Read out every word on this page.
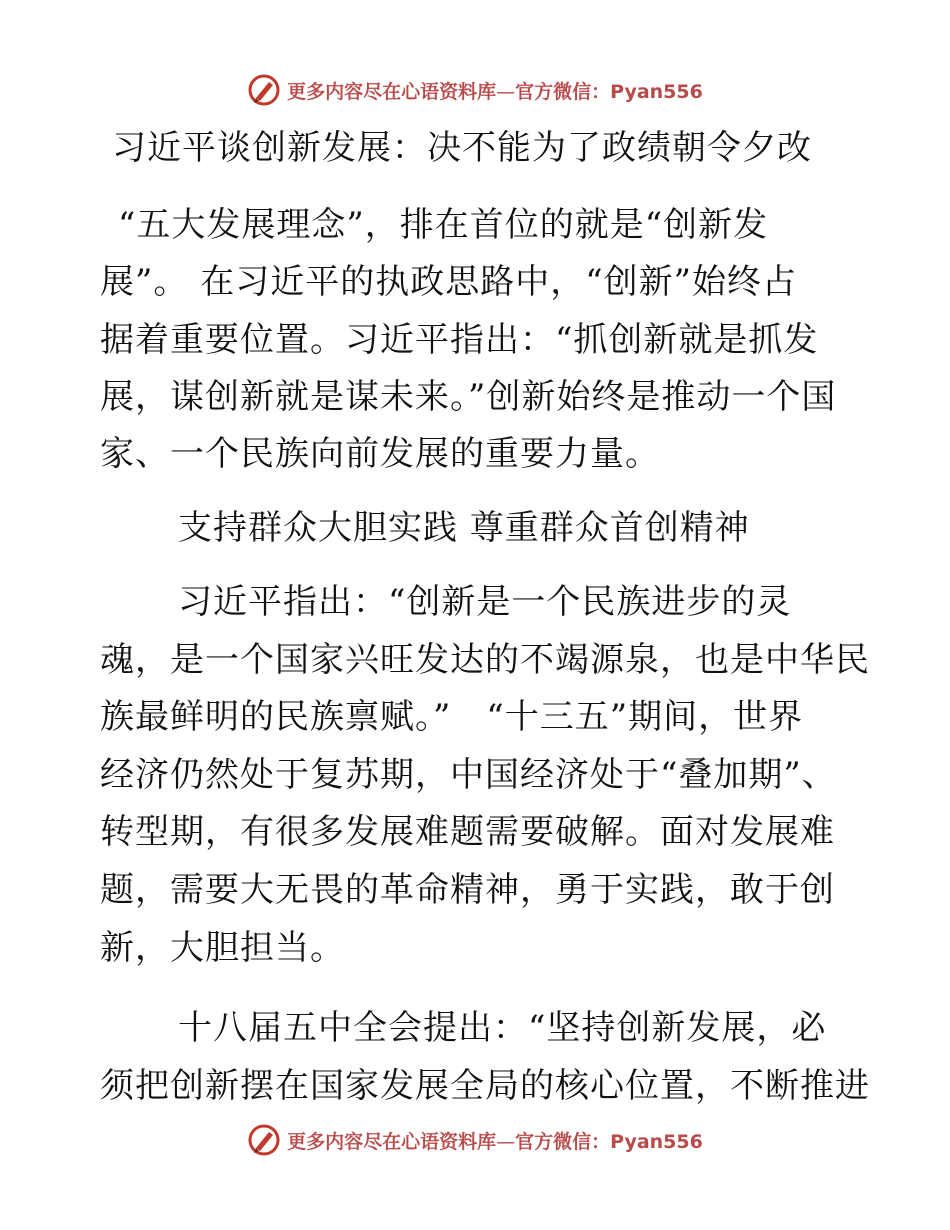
更多内容尽在心语资料库—官方微信：Pyan556
习近平谈创新发展：决不能为了政绩朝令夕改
“五大发展理念”，排在首位的就是“创新发
展”。 在习近平的执政思路中，“创新”始终占
据着重要位置。习近平指出：“抓创新就是抓发
展，谋创新就是谋未来。”创新始终是推动一个国
家、一个民族向前发展的重要力量。
支持群众大胆实践 尊重群众首创精神
习近平指出：“创新是一个民族进步的灵
魂，是一个国家兴旺发达的不竭源泉，也是中华民
族最鲜明的民族禀赋。”　“十三五”期间，世界
经济仍然处于复苏期，中国经济处于“叠加期”、
转型期，有很多发展难题需要破解。面对发展难
题，需要大无畏的革命精神，勇于实践，敢于创
新，大胆担当。
十八届五中全会提出：“坚持创新发展，必
须把创新摆在国家发展全局的核心位置，不断推进
更多内容尽在心语资料库—官方微信：Pyan556
